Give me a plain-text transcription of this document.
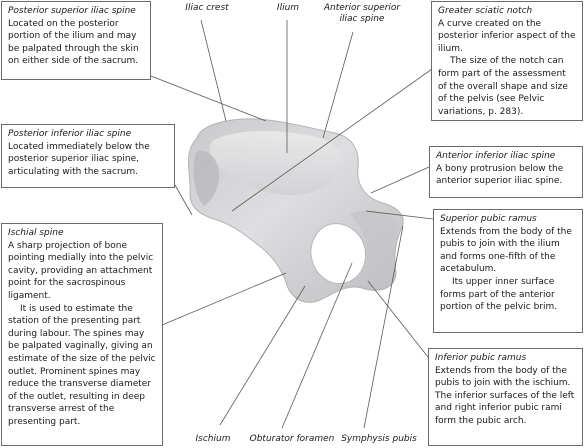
Iliac crest	Ilium	Anterior superior
iliac spine
Ischium	Obturator foramen Symphysis pubis
Posterior superior iliac spine

Located on the posterior portion of the ilium and may be palpated through the skin on either side of the sacrum.

Posterior inferior iliac spine

Located immediately below the posterior superior iliac spine, articulating with the sacrum.

Ischial spine

A sharp projection of bone pointing medially into the pelvic cavity, providing an attachment point for the sacrospinous ligament.

It is used to estimate the station of the presenting part during labour. The spines may be palpated vaginally, giving an estimate of the size of the pelvic outlet. Prominent spines may reduce the transverse diameter of the outlet, resulting in deep transverse arrest of the presenting part.

Greater sciatic notch

A curve created on the posterior inferior aspect of the ilium.

The size of the notch can form part of the assessment of the overall shape and size of the pelvis (see Pelvic variations, p. 283).

Anterior inferior iliac spine

A bony protrusion below the anterior superior iliac spine.

Superior pubic ramus

Extends from the body of the pubis to join with the ilium and forms one-fifth of the acetabulum.

Its upper inner surface forms part of the anterior portion of the pelvic brim.

Inferior pubic ramus

Extends from the body of the pubis to join with the ischium. The inferior surfaces of the left and right inferior pubic rami form the pubic arch.
